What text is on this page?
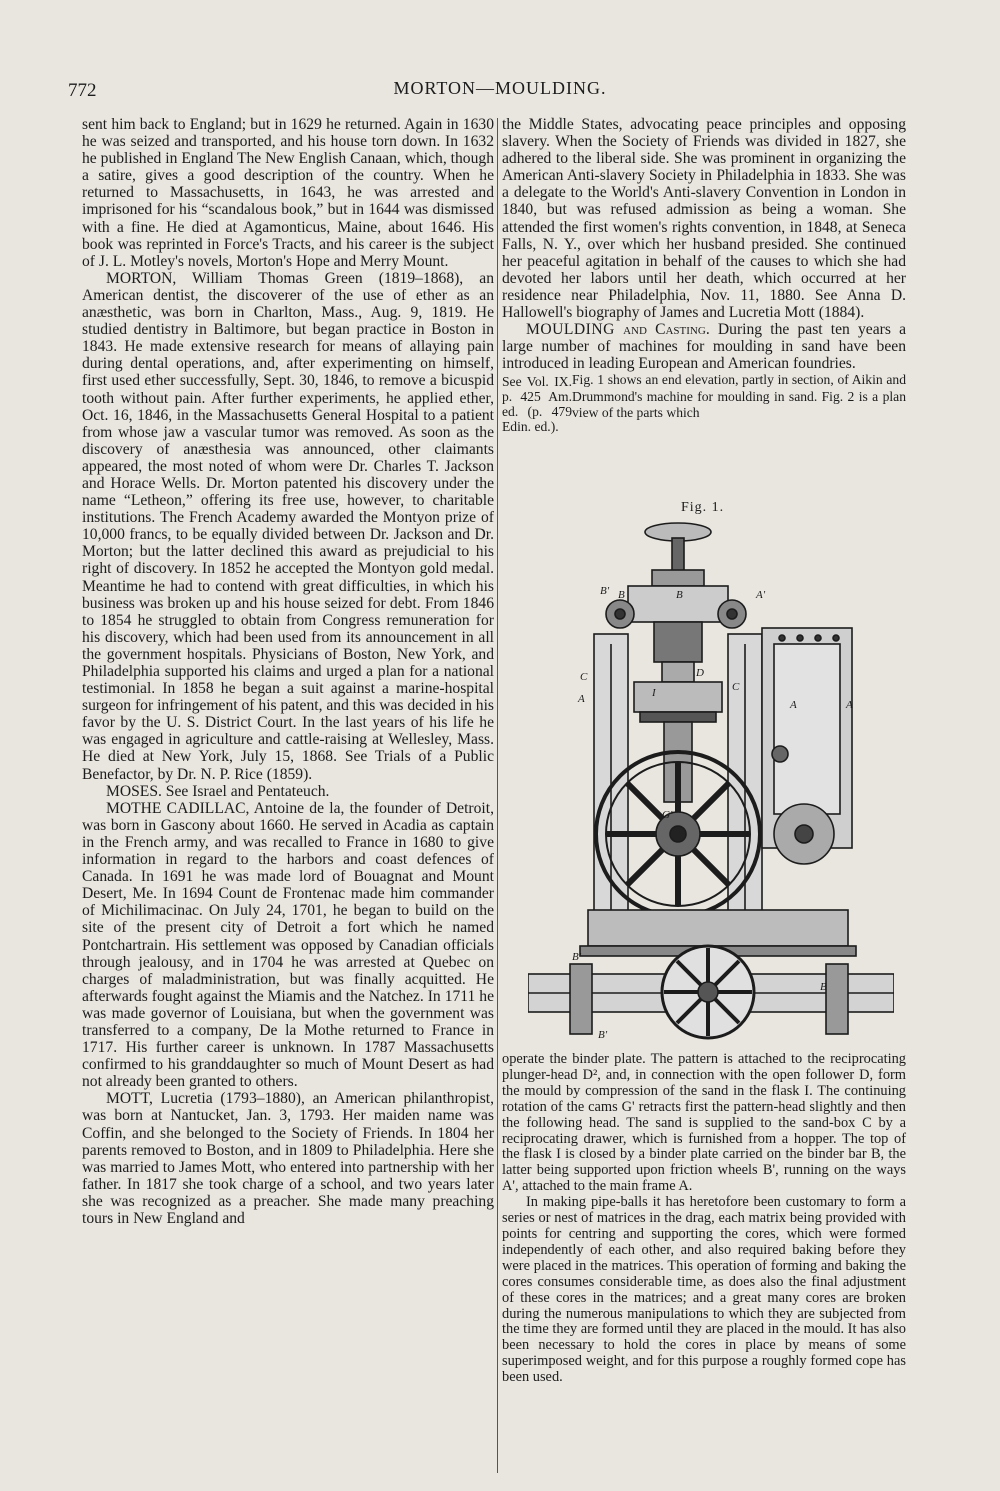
772	MORTON—MOULDING.

sent him back to England; but in 1629 he returned. Again in 1630 he was seized and transported, and his house torn down. In 1632 he published in England The New English Canaan, which, though a satire, gives a good description of the country. When he returned to Massachusetts, in 1643, he was arrested and imprisoned for his “scandalous book,” but in 1644 was dismissed with a fine. He died at Agamonticus, Maine, about 1646. His book was reprinted in Force's Tracts, and his career is the subject of J. L. Motley's novels, Morton's Hope and Merry Mount.

MORTON, William Thomas Green (1819–1868), an American dentist, the discoverer of the use of ether as an anæsthetic, was born in Charlton, Mass., Aug. 9, 1819. He studied dentistry in Baltimore, but began practice in Boston in 1843. He made extensive research for means of allaying pain during dental operations, and, after experimenting on himself, first used ether successfully, Sept. 30, 1846, to remove a bicuspid tooth without pain. After further experiments, he applied ether, Oct. 16, 1846, in the Massachusetts General Hospital to a patient from whose jaw a vascular tumor was removed. As soon as the discovery of anæsthesia was announced, other claimants appeared, the most noted of whom were Dr. Charles T. Jackson and Horace Wells. Dr. Morton patented his discovery under the name “Letheon,” offering its free use, however, to charitable institutions. The French Academy awarded the Montyon prize of 10,000 francs, to be equally divided between Dr. Jackson and Dr. Morton; but the latter declined this award as prejudicial to his right of discovery. In 1852 he accepted the Montyon gold medal. Meantime he had to contend with great difficulties, in which his business was broken up and his house seized for debt. From 1846 to 1854 he struggled to obtain from Congress remuneration for his discovery, which had been used from its announcement in all the government hospitals. Physicians of Boston, New York, and Philadelphia supported his claims and urged a plan for a national testimonial. In 1858 he began a suit against a marine-hospital surgeon for infringement of his patent, and this was decided in his favor by the U. S. District Court. In the last years of his life he was engaged in agriculture and cattle-raising at Wellesley, Mass. He died at New York, July 15, 1868. See Trials of a Public Benefactor, by Dr. N. P. Rice (1859).

MOSES. See Israel and Pentateuch.

MOTHE CADILLAC, Antoine de la, the founder of Detroit, was born in Gascony about 1660. He served in Acadia as captain in the French army, and was recalled to France in 1680 to give information in regard to the harbors and coast defences of Canada. In 1691 he was made lord of Bouagnat and Mount Desert, Me. In 1694 Count de Frontenac made him commander of Michilimacinac. On July 24, 1701, he began to build on the site of the present city of Detroit a fort which he named Pontchartrain. His settlement was opposed by Canadian officials through jealousy, and in 1704 he was arrested at Quebec on charges of maladministration, but was finally acquitted. He afterwards fought against the Miamis and the Natchez. In 1711 he was made governor of Louisiana, but when the government was transferred to a company, De la Mothe returned to France in 1717. His further career is unknown. In 1787 Massachusetts confirmed to his granddaughter so much of Mount Desert as had not already been granted to others.

MOTT, Lucretia (1793–1880), an American philanthropist, was born at Nantucket, Jan. 3, 1793. Her maiden name was Coffin, and she belonged to the Society of Friends. In 1804 her parents removed to Boston, and in 1809 to Philadelphia. Here she was married to James Mott, who entered into partnership with her father. In 1817 she took charge of a school, and two years later she was recognized as a preacher. She made many preaching tours in New England and

the Middle States, advocating peace principles and opposing slavery. When the Society of Friends was divided in 1827, she adhered to the liberal side. She was prominent in organizing the American Anti-slavery Society in Philadelphia in 1833. She was a delegate to the World's Anti-slavery Convention in London in 1840, but was refused admission as being a woman. She attended the first women's rights convention, in 1848, at Seneca Falls, N. Y., over which her husband presided. She continued her peaceful agitation in behalf of the causes to which she had devoted her labors until her death, which occurred at her residence near Philadelphia, Nov. 11, 1880. See Anna D. Hallowell's biography of James and Lucretia Mott (1884).

MOULDING and Casting. During the past ten years a large number of machines for moulding in sand have been introduced in leading European and American foundries.

See Vol. IX. p. 425 Am. ed. (p. 479 Edin. ed.).
Fig. 1 shows an end elevation, partly in section, of Aikin and Drummond's machine for moulding in sand. Fig. 2 is a plan view of the parts which
Fig. 1.
B	B
B'	A'
C
A	A	A
I
D
C
G'
B'
B
B'

operate the binder plate. The pattern is attached to the reciprocating plunger-head D², and, in connection with the open follower D, form the mould by compression of the sand in the flask I. The continuing rotation of the cams G' retracts first the pattern-head slightly and then the following head. The sand is supplied to the sand-box C by a reciprocating drawer, which is furnished from a hopper. The top of the flask I is closed by a binder plate carried on the binder bar B, the latter being supported upon friction wheels B', running on the ways A', attached to the main frame A.

In making pipe-balls it has heretofore been customary to form a series or nest of matrices in the drag, each matrix being provided with points for centring and supporting the cores, which were formed independently of each other, and also required baking before they were placed in the matrices. This operation of forming and baking the cores consumes considerable time, as does also the final adjustment of these cores in the matrices; and a great many cores are broken during the numerous manipulations to which they are subjected from the time they are formed until they are placed in the mould. It has also been necessary to hold the cores in place by means of some superimposed weight, and for this purpose a roughly formed cope has been used.
